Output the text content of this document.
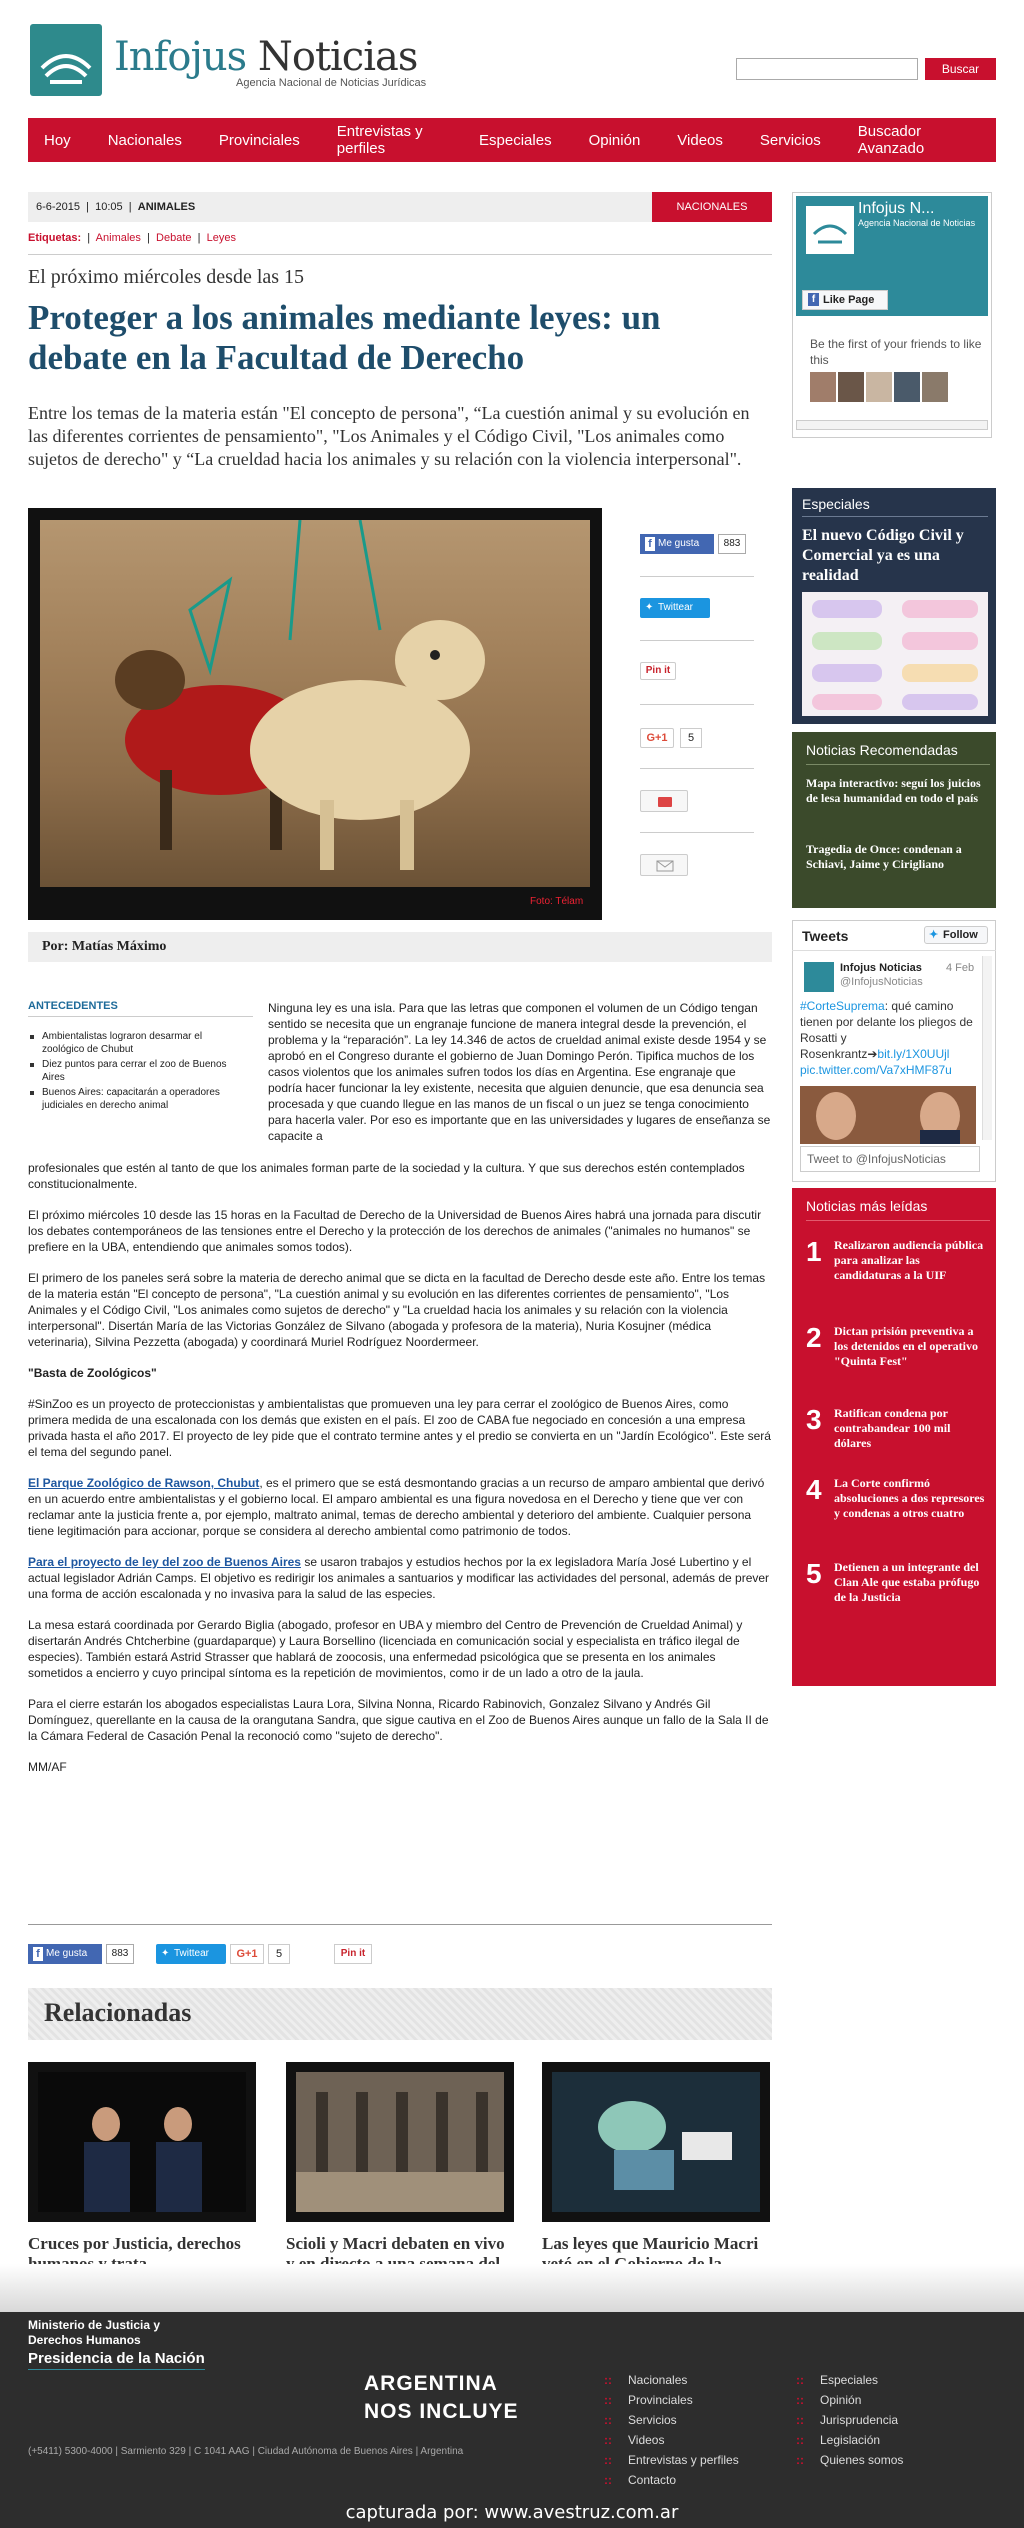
Infojus Noticias
Agencia Nacional de Noticias Jurídicas
Buscar
Hoy Nacionales Provinciales Entrevistas y perfiles	Especiales Opinión Videos Servicios Buscador Avanzado
6-6-2015  |  10:05  |  ANIMALES	NACIONALES
Etiquetas:  |  Animales  |  Debate  |  Leyes
El próximo miércoles desde las 15
Proteger a los animales mediante leyes: un debate en la Facultad de Derecho
Entre los temas de la materia están "El concepto de persona", “La cuestión animal y su evolución en las diferentes corrientes de pensamiento", "Los Animales y el Código Civil, "Los animales como sujetos de derecho" y “La crueldad hacia los animales y su relación con la violencia interpersonal".
Foto: Télam
f Me gusta	883
✦ Twittear
Pin it
G+1	5
Por: Matías Máximo
ANTECEDENTES
Ambientalistas lograron desarmar el zoológico de Chubut
Diez puntos para cerrar el zoo de Buenos Aires
Buenos Aires: capacitarán a operadores judiciales en derecho animal

Ninguna ley es una isla. Para que las letras que componen el volumen de un Código tengan sentido se necesita que un engranaje funcione de manera integral desde la prevención, el problema y la “reparación”. La ley 14.346 de actos de crueldad animal existe desde 1954 y se aprobó en el Congreso durante el gobierno de Juan Domingo Perón. Tipifica muchos de los casos violentos que los animales sufren todos los días en Argentina. Ese engranaje que podría hacer funcionar la ley existente, necesita que alguien denuncie, que esa denuncia sea procesada y que cuando llegue en las manos de un fiscal o un juez se tenga conocimiento para hacerla valer. Por eso es importante que en las universidades y lugares de enseñanza se capacite a

profesionales que estén al tanto de que los animales forman parte de la sociedad y la cultura. Y que sus derechos estén contemplados constitucionalmente.

El próximo miércoles 10 desde las 15 horas en la Facultad de Derecho de la Universidad de Buenos Aires habrá una jornada para discutir los debates contemporáneos de las tensiones entre el Derecho y la protección de los derechos de animales ("animales no humanos" se prefiere en la UBA, entendiendo que animales somos todos).

El primero de los paneles será sobre la materia de derecho animal que se dicta en la facultad de Derecho desde este año. Entre los temas de la materia están "El concepto de persona", "La cuestión animal y su evolución en las diferentes corrientes de pensamiento", "Los Animales y el Código Civil, "Los animales como sujetos de derecho" y "La crueldad hacia los animales y su relación con la violencia interpersonal". Disertán María de las Victorias González de Silvano (abogada y profesora de la materia), Nuria Kosujner (médica veterinaria), Silvina Pezzetta (abogada) y coordinará Muriel Rodríguez Noordermeer.

"Basta de Zoológicos"

#SinZoo es un proyecto de proteccionistas y ambientalistas que promueven una ley para cerrar el zoológico de Buenos Aires, como primera medida de una escalonada con los demás que existen en el país. El zoo de CABA fue negociado en concesión a una empresa privada hasta el año 2017. El proyecto de ley pide que el contrato termine antes y el predio se convierta en un "Jardín Ecológico". Este será el tema del segundo panel.

El Parque Zoológico de Rawson, Chubut, es el primero que se está desmontando gracias a un recurso de amparo ambiental que derivó en un acuerdo entre ambientalistas y el gobierno local. El amparo ambiental es una figura novedosa en el Derecho y tiene que ver con reclamar ante la justicia frente a, por ejemplo, maltrato animal, temas de derecho ambiental y deterioro del ambiente. Cualquier persona tiene legitimación para accionar, porque se considera al derecho ambiental como patrimonio de todos.

Para el proyecto de ley del zoo de Buenos Aires se usaron trabajos y estudios hechos por la ex legisladora María José Lubertino y el actual legislador Adrián Camps. El objetivo es redirigir los animales a santuarios y modificar las actividades del personal, además de prever una forma de acción escalonada y no invasiva para la salud de las especies.

La mesa estará coordinada por Gerardo Biglia (abogado, profesor en UBA y miembro del Centro de Prevención de Crueldad Animal) y disertarán Andrés Chtcherbine (guardaparque) y Laura Borsellino (licenciada en comunicación social y especialista en tráfico ilegal de especies). También estará Astrid Strasser que hablará de zoocosis, una enfermedad psicológica que se presenta en los animales sometidos a encierro y cuyo principal síntoma es la repetición de movimientos, como ir de un lado a otro de la jaula.

Para el cierre estarán los abogados especialistas Laura Lora, Silvina Nonna, Ricardo Rabinovich, Gonzalez Silvano y Andrés Gil Domínguez, querellante en la causa de la orangutana Sandra, que sigue cautiva en el Zoo de Buenos Aires aunque un fallo de la Sala II de la Cámara Federal de Casación Penal la reconoció como "sujeto de derecho".

MM/AF

f Me gusta	883	✦ Twittear	G+1	5	Pin it
Relacionadas
Cruces por Justicia, derechos	Scioli y Macri debaten en vivo	Las leyes que Mauricio Macri
Infojus N...
Agencia Nacional de Noticias
f Like Page
Be the first of your friends to like this
Especiales
El nuevo Código Civil y Comercial ya es una realidad
Noticias Recomendadas
Mapa interactivo: seguí los juicios de lesa humanidad en todo el país
Tragedia de Once: condenan a Schiavi, Jaime y Cirigliano
Tweets	✦ Follow
Infojus Noticias
@InfojusNoticias
4 Feb
#CorteSuprema: qué camino tienen por delante los pliegos de Rosatti y Rosenkrantz➔bit.ly/1X0UUjl
pic.twitter.com/Va7xHMF87u
Tweet to @InfojusNoticias
Noticias más leídas
1 Realizaron audiencia pública para analizar las candidaturas a la UIF
2 Dictan prisión preventiva a los detenidos en el operativo "Quinta Fest"
3 Ratifican condena por contrabandear 100 mil dólares
4 La Corte confirmó absoluciones a dos represores y condenas a otros cuatro
5 Detienen a un integrante del Clan Ale que estaba prófugo de la Justicia
Ministerio de Justicia y Derechos Humanos
Presidencia de la Nación
ARGENTINA
NOS INCLUYE
(+5411) 5300-4000 | Sarmiento 329 | C 1041 AAG | Ciudad Autónoma de Buenos Aires | Argentina
:: Nacionales
:: Provinciales
:: Servicios
:: Videos
:: Entrevistas y perfiles
:: Contacto
:: Especiales
:: Opinión
:: Jurisprudencia
:: Legislación
:: Quienes somos
capturada por: www.avestruz.com.ar
